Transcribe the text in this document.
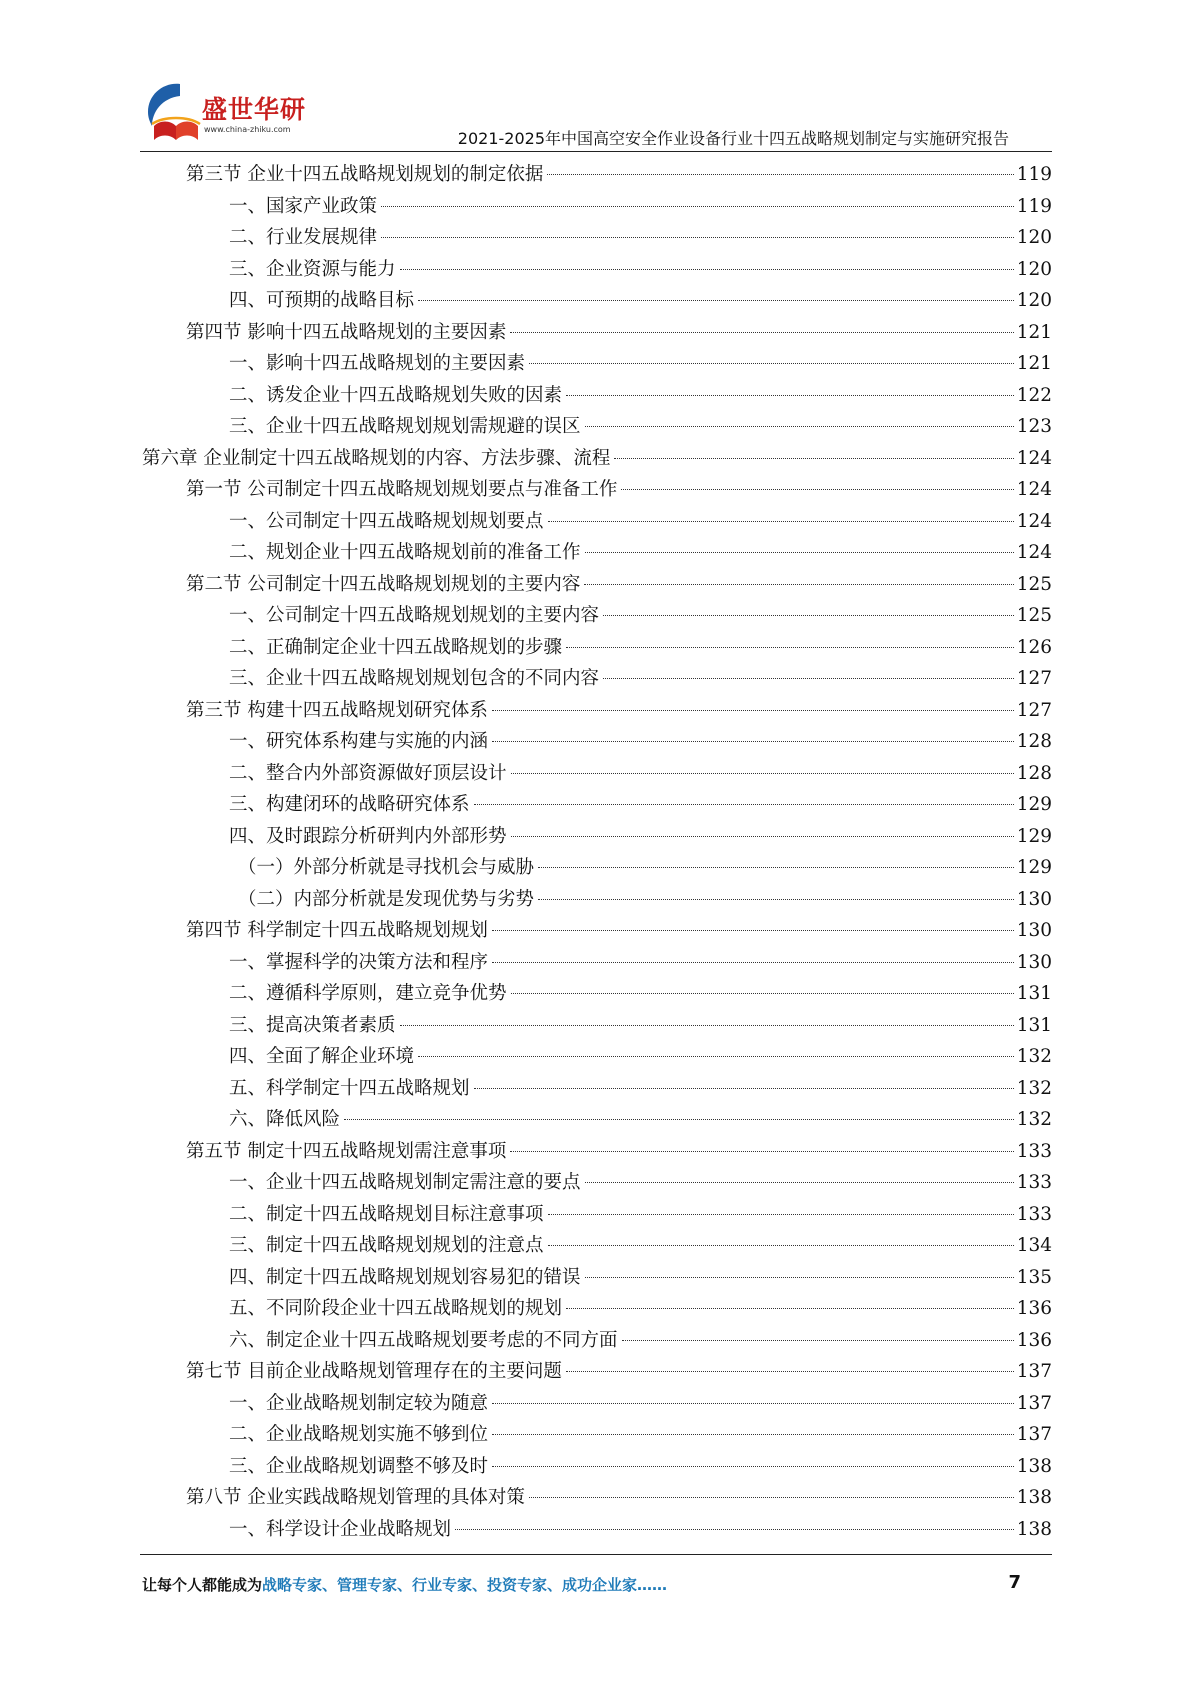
盛世华研
www.china-zhiku.com	2021-2025年中国高空安全作业设备行业十四五战略规划制定与实施研究报告
第三节 企业十四五战略规划规划的制定依据	119
一、国家产业政策	119
二、行业发展规律	120
三、企业资源与能力	120
四、可预期的战略目标	120
第四节 影响十四五战略规划的主要因素	121
一、影响十四五战略规划的主要因素	121
二、诱发企业十四五战略规划失败的因素	122
三、企业十四五战略规划规划需规避的误区	123
第六章 企业制定十四五战略规划的内容、方法步骤、流程	124
第一节 公司制定十四五战略规划规划要点与准备工作	124
一、公司制定十四五战略规划规划要点	124
二、规划企业十四五战略规划前的准备工作	124
第二节 公司制定十四五战略规划规划的主要内容	125
一、公司制定十四五战略规划规划的主要内容	125
二、正确制定企业十四五战略规划的步骤	126
三、企业十四五战略规划规划包含的不同内容	127
第三节 构建十四五战略规划研究体系	127
一、研究体系构建与实施的内涵	128
二、整合内外部资源做好顶层设计	128
三、构建闭环的战略研究体系	129
四、及时跟踪分析研判内外部形势	129
（一）外部分析就是寻找机会与威胁	129
（二）内部分析就是发现优势与劣势	130
第四节 科学制定十四五战略规划规划	130
一、掌握科学的决策方法和程序	130
二、遵循科学原则，建立竞争优势	131
三、提高决策者素质	131
四、全面了解企业环境	132
五、科学制定十四五战略规划	132
六、降低风险	132
第五节 制定十四五战略规划需注意事项	133
一、企业十四五战略规划制定需注意的要点	133
二、制定十四五战略规划目标注意事项	133
三、制定十四五战略规划规划的注意点	134
四、制定十四五战略规划规划容易犯的错误	135
五、不同阶段企业十四五战略规划的规划	136
六、制定企业十四五战略规划要考虑的不同方面	136
第七节 目前企业战略规划管理存在的主要问题	137
一、企业战略规划制定较为随意	137
二、企业战略规划实施不够到位	137
三、企业战略规划调整不够及时	138
第八节 企业实践战略规划管理的具体对策	138
一、科学设计企业战略规划	138
让每个人都能成为战略专家、管理专家、行业专家、投资专家、成功企业家……	7
